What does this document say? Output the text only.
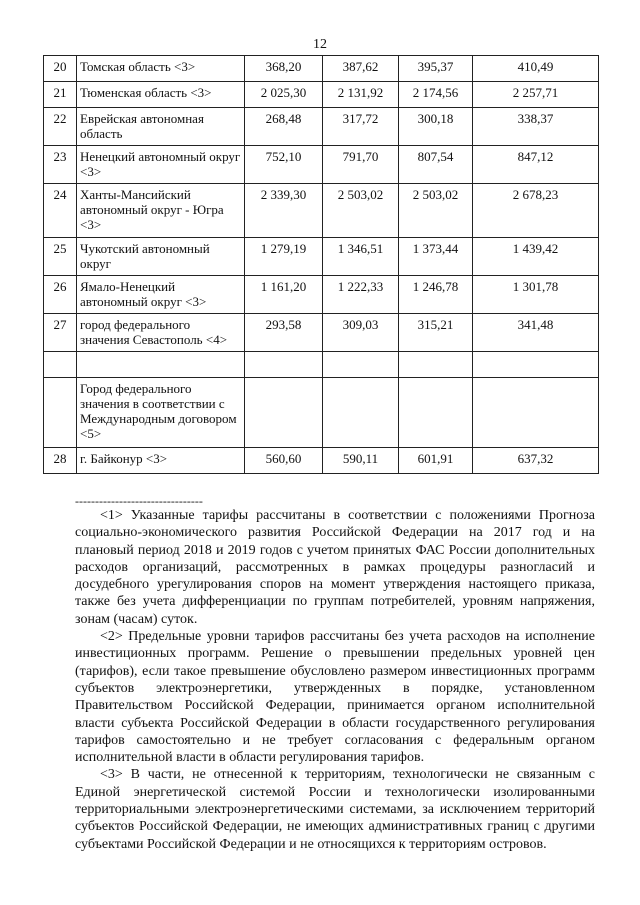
12
20	Томская область <3>	368,20	387,62	395,37	410,49
21	Тюменская область <3>	2 025,30	2 131,92	2 174,56	2 257,71
22	Еврейская автономная область	268,48	317,72	300,18	338,37
23	Ненецкий автономный округ <3>	752,10	791,70	807,54	847,12
24	Ханты-Мансийский автономный округ - Югра <3>	2 339,30	2 503,02	2 503,02	2 678,23
25	Чукотский автономный округ	1 279,19	1 346,51	1 373,44	1 439,42
26	Ямало-Ненецкий автономный округ <3>	1 161,20	1 222,33	1 246,78	1 301,78
27	город федерального значения Севастополь <4>	293,58	309,03	315,21	341,48

	Город федерального значения в соответствии с Международным договором <5>				
28	г. Байконур <3>	560,60	590,11	601,91	637,32
--------------------------------

<1> Указанные тарифы рассчитаны в соответствии с положениями Прогноза социально-экономического развития Российской Федерации на 2017 год и на плановый период 2018 и 2019 годов с учетом принятых ФАС России дополнительных расходов организаций, рассмотренных в рамках процедуры разногласий и досудебного урегулирования споров на момент утверждения настоящего приказа, также без учета дифференциации по группам потребителей, уровням напряжения, зонам (часам) суток.

<2> Предельные уровни тарифов рассчитаны без учета расходов на исполнение инвестиционных программ. Решение о превышении предельных уровней цен (тарифов), если такое превышение обусловлено размером инвестиционных программ субъектов электроэнергетики, утвержденных в порядке, установленном Правительством Российской Федерации, принимается органом исполнительной власти субъекта Российской Федерации в области государственного регулирования тарифов самостоятельно и не требует согласования с федеральным органом исполнительной власти в области регулирования тарифов.

<3> В части, не отнесенной к территориям, технологически не связанным с Единой энергетической системой России и технологически изолированными территориальными электроэнергетическими системами, за исключением территорий субъектов Российской Федерации, не имеющих административных границ с другими субъектами Российской Федерации и не относящихся к территориям островов.
